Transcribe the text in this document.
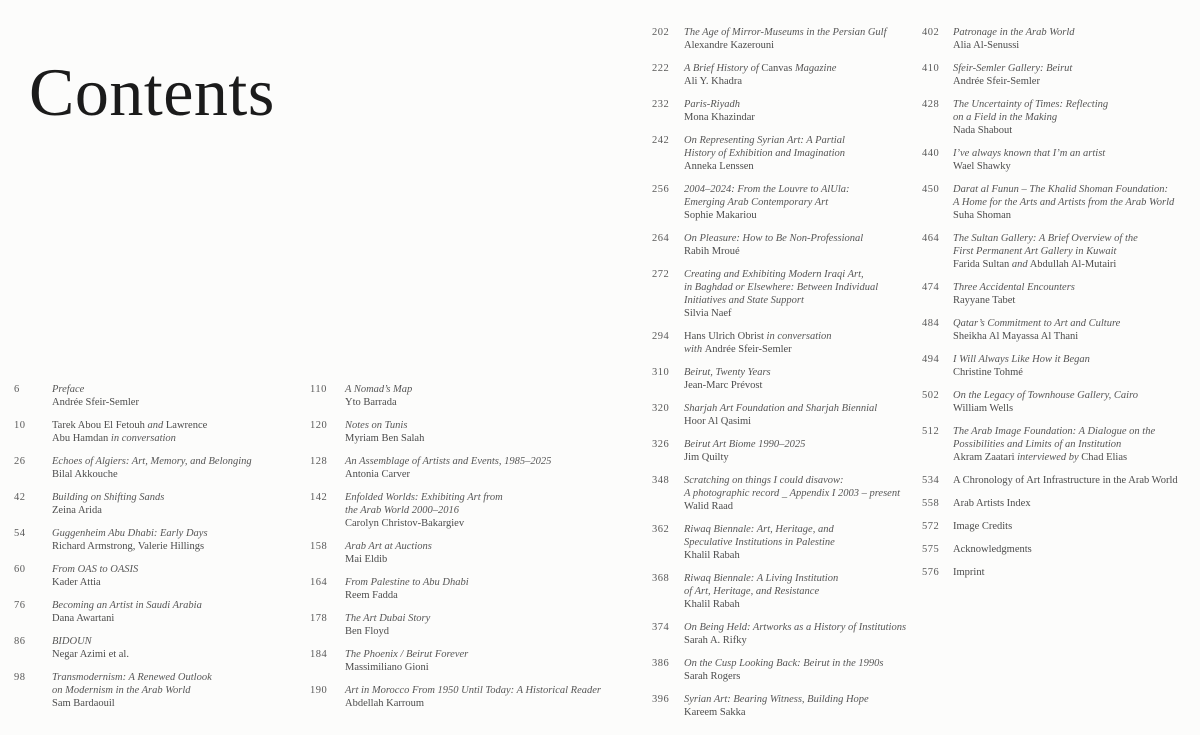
Contents
6	Preface
Andrée Sfeir-Semler
10	Tarek Abou El Fetouh and Lawrence
Abu Hamdan in conversation
26	Echoes of Algiers: Art, Memory, and Belonging
Bilal Akkouche
42	Building on Shifting Sands
Zeina Arida
54	Guggenheim Abu Dhabi: Early Days
Richard Armstrong, Valerie Hillings
60	From OAS to OASIS
Kader Attia
76	Becoming an Artist in Saudi Arabia
Dana Awartani
86	BIDOUN
Negar Azimi et al.
98	Transmodernism: A Renewed Outlook
on Modernism in the Arab World
Sam Bardaouil
110	A Nomad’s Map
Yto Barrada
120	Notes on Tunis
Myriam Ben Salah
128	An Assemblage of Artists and Events, 1985–2025
Antonia Carver
142	Enfolded Worlds: Exhibiting Art from
the Arab World 2000–2016
Carolyn Christov-Bakargiev
158	Arab Art at Auctions
Mai Eldib
164	From Palestine to Abu Dhabi
Reem Fadda
178	The Art Dubai Story
Ben Floyd
184	The Phoenix / Beirut Forever
Massimiliano Gioni
190	Art in Morocco From 1950 Until Today: A Historical Reader
Abdellah Karroum
202	The Age of Mirror-Museums in the Persian Gulf
Alexandre Kazerouni
222	A Brief History of Canvas Magazine
Ali Y. Khadra
232	Paris-Riyadh
Mona Khazindar
242	On Representing Syrian Art: A Partial
History of Exhibition and Imagination
Anneka Lenssen
256	2004–2024: From the Louvre to AlUla:
Emerging Arab Contemporary Art
Sophie Makariou
264	On Pleasure: How to Be Non-Professional
Rabih Mroué
272	Creating and Exhibiting Modern Iraqi Art,
in Baghdad or Elsewhere: Between Individual
Initiatives and State Support
Silvia Naef
294	Hans Ulrich Obrist in conversation
with Andrée Sfeir-Semler
310	Beirut, Twenty Years
Jean-Marc Prévost
320	Sharjah Art Foundation and Sharjah Biennial
Hoor Al Qasimi
326	Beirut Art Biome 1990–2025
Jim Quilty
348	Scratching on things I could disavow:
A photographic record _ Appendix I 2003 – present
Walid Raad
362	Riwaq Biennale: Art, Heritage, and
Speculative Institutions in Palestine
Khalil Rabah
368	Riwaq Biennale: A Living Institution
of Art, Heritage, and Resistance
Khalil Rabah
374	On Being Held: Artworks as a History of Institutions
Sarah A. Rifky
386	On the Cusp Looking Back: Beirut in the 1990s
Sarah Rogers
396	Syrian Art: Bearing Witness, Building Hope
Kareem Sakka
402	Patronage in the Arab World
Alia Al-Senussi
410	Sfeir-Semler Gallery: Beirut
Andrée Sfeir-Semler
428	The Uncertainty of Times: Reflecting
on a Field in the Making
Nada Shabout
440	I’ve always known that I’m an artist
Wael Shawky
450	Darat al Funun – The Khalid Shoman Foundation:
A Home for the Arts and Artists from the Arab World
Suha Shoman
464	The Sultan Gallery: A Brief Overview of the
First Permanent Art Gallery in Kuwait
Farida Sultan and Abdullah Al-Mutairi
474	Three Accidental Encounters
Rayyane Tabet
484	Qatar’s Commitment to Art and Culture
Sheikha Al Mayassa Al Thani
494	I Will Always Like How it Began
Christine Tohmé
502	On the Legacy of Townhouse Gallery, Cairo
William Wells
512	The Arab Image Foundation: A Dialogue on the
Possibilities and Limits of an Institution
Akram Zaatari interviewed by Chad Elias
534	A Chronology of Art Infrastructure in the Arab World
558	Arab Artists Index
572	Image Credits
575	Acknowledgments
576	Imprint
